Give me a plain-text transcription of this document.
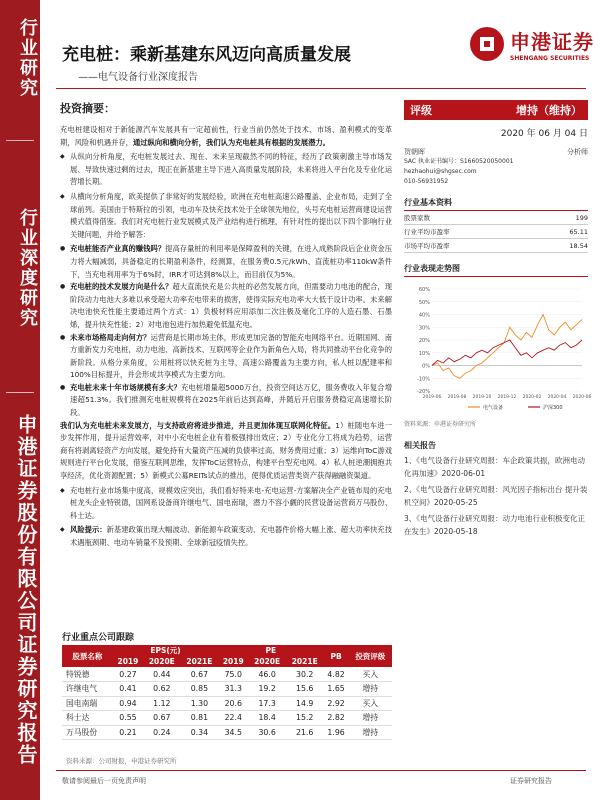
行业研究
行业深度研究
申港证券股份有限公司证券研究报告
充电桩：乘新基建东风迈向高质量发展
——电气设备行业深度报告
申港证券
SHENGANG SECURITIES
投资摘要：
充电桩建设相对于新能源汽车发展具有一定超前性，行业当前仍然处于技术、市场、盈利模式的变革期，风险和机遇并存，通过纵向和横向分析，我们认为充电桩具有根据的发展潜力。
◆ 从纵向分析角度，充电桩发展过去、现在、未来呈现截然不同的特征，经历了政策刺激主导市场发展、导致快速过剩的过去，现正在新基建主导下进入高质量发展阶段，未来将进入平台化及专业化运营增长期。
◆ 从横向分析角度，欧美提供了非常好的发展经验，欧洲在充电桩高速公路覆盖、企业布局，走到了全球前列。美国由于特斯拉的引领，电动车及快充技术处于全球领先地位，头号充电桩运营商建设运营模式值得借鉴。我们对充电桩行业发展模式及产业结构进行梳理，有针对性的提出以下四个影响行业关键问题，并给予解答：
● 充电桩能否产业真的赚钱吗？提高存量桩的利用率是保障盈利的关键，在进入成熟阶段后企业资金压力将大幅减弱，具备稳定的长期盈利条件，经测算，在服务费0.5元/kWh、直流桩功率110kW条件下，当充电利用率为于6%时，IRR才可达到8%以上，而目前仅为5%。
● 充电桩的技术发展方向是什么？超大直流快充是公共桩的必然发展方向，但需要动力电池的配合，现阶段动力电池大多难以承受超大功率充电带来的损害，使得实际充电功率大大低于设计功率。未来解决电池快充性能主要通过两个方式：1）负极材料应用添加二次注极及毫化工序的人造石墨、石墨烯，提升快充性能；2）对电池包进行加热避免低温充电。
● 未来市场格局走向何方？运营商是长期市场主体，形成更加完备的智能充电网络平台。近期国网、南方重新发力充电桩，动力电池、高新技术、互联网等企业作为新角色入局，将共同推动平台化竞争的新阶段。从格分来角度，公用桩将以快充桩为主导，高速公路覆盖为主要方向，私人桩以配建率和100%目标提升，并会形成共享模式为主要方向。
● 充电桩未来十年市场规模有多大？充电桩增量超5000万台，投资空间达万亿，服务费收入年复合增速超51.3%。我们推测充电桩规模将在2025年前后达到高峰，并随后开启服务费稳定高速增长阶段。
我们认为充电桩未来发展方，与支持政府将进步推进，并且更加体现互联网化特征。1）桩随电车进一步发挥作用，提升运营效率，对中小充电桩企业有着极强排出效应；2）专业化分工将成为趋势，运营商有将剥离轻资产方向发展，避免持有大量资产压减的负债率过高、财务费用过重；3）运维向ToC游戏规则进行平台化发展，借鉴互联网思维，发挥ToC运营特点，构建平台型充电网。4）私人桩逆潮拥抱共享经济，优化资源配置；5）新模式公募REITs试点的推出，使得优质运营类资产获得融融资渠道。
◆ 充电桩行业市场集中度高，规模效应突出，我们看好特来电-充电运营-方案解决全产业链布局的充电桩龙头企业特锐德，国网系设备商许继电气、国电南瑞，潜力不容小觑的民营设备运营商万马股份、科士达。
◆ 风险提示：新基建政策出现大幅波动、新能源车政策变动、充电器件价格大幅上涨、超大功率快充技术遇瓶颈期、电动车销量不及预期、全球新冠疫情失控。
行业重点公司跟踪
股票名称	EPS(元)			PE			PB	投资评级
	2019	2020E	2021E	2019	2020E	2021E		
特锐德	0.27	0.44	0.67	75.0	46.0	30.2	4.82	买入
许继电气	0.41	0.62	0.85	31.3	19.2	15.6	1.65	增持
国电南瑞	0.94	1.12	1.30	20.6	17.3	14.9	2.92	买入
科士达	0.55	0.67	0.81	22.4	18.4	15.2	2.82	增持
万马股份	0.21	0.24	0.34	34.5	30.6	21.6	1.96	增持
资料来源：公司财报，申港证券研究所
评级	增持（维持）
2020 年 06 月 04 日
贺朝晖	分析师
SAC 执业证书编号：S1660520050001
hezhaohui@shgsec.com
010-56931952
行业基本资料
股票家数	199
行业平均市盈率	65.11
市场平均市盈率	18.54
行业表现走势图
60%
50%
40%
30%
20%
10%
0%
-10%
-20%
2019-06 2019-08 2019-10 2019-12 2020-02 2020-04 2020-06
电气设备	沪深300
资料来源：申港证券研究所
相关报告
1、《电气设备行业研究周报：车企政策共振，欧洲电动化再加速》2020-06-01
2、《电气设备行业研究周报：风光因子指标出台 提升装机空间》2020-05-25
3、《电气设备行业研究周报：动力电池行业积极变化正在发生》2020-05-18
敬请参阅最后一页免责声明	证券研究报告
